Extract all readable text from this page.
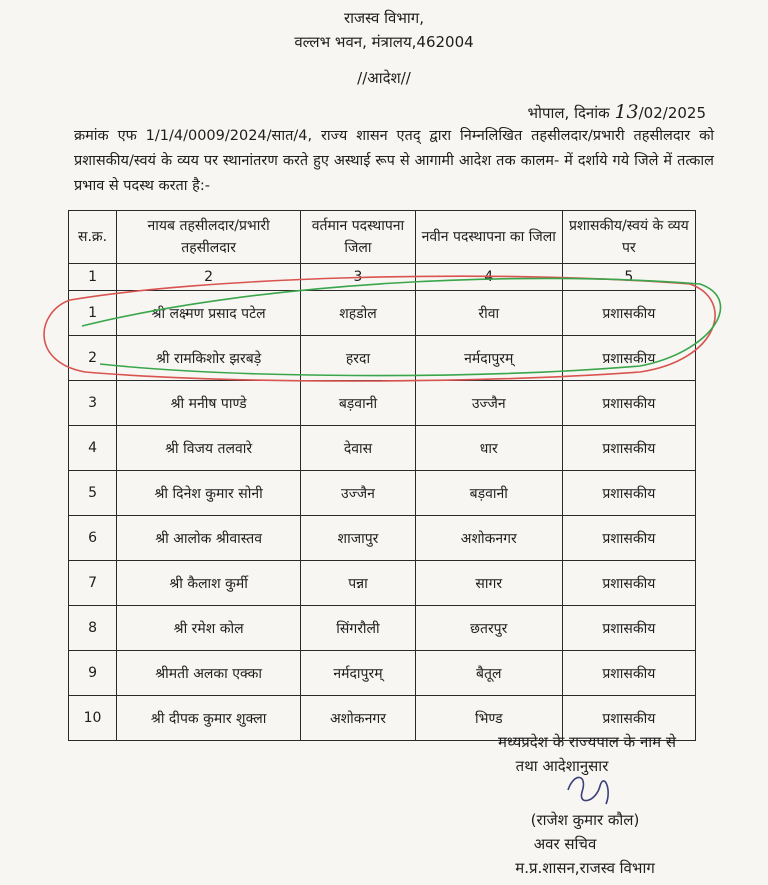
राजस्व विभाग,
वल्लभ भवन, मंत्रालय,462004
//आदेश//
भोपाल, दिनांक 13/02/2025
क्रमांक एफ 1/1/4/0009/2024/सात/4, राज्य शासन एतद् द्वारा निम्नलिखित तहसीलदार/प्रभारी तहसीलदार को प्रशासकीय/स्वयं के व्यय पर स्थानांतरण करते हुए अस्थाई रूप से आगामी आदेश तक कालम- में दर्शाये गये जिले में तत्काल प्रभाव से पदस्थ करता है:-
स.क्र.	नायब तहसीलदार/प्रभारी तहसीलदार	वर्तमान पदस्थापना जिला	नवीन पदस्थापना का जिला	प्रशासकीय/स्वयं के व्यय पर
1	2	3	4	5
1	श्री लक्ष्मण प्रसाद पटेल	शहडोल	रीवा	प्रशासकीय
2	श्री रामकिशोर झरबड़े	हरदा	नर्मदापुरम्	प्रशासकीय
3	श्री मनीष पाण्डे	बड़वानी	उज्जैन	प्रशासकीय
4	श्री विजय तलवारे	देवास	धार	प्रशासकीय
5	श्री दिनेश कुमार सोनी	उज्जैन	बड़वानी	प्रशासकीय
6	श्री आलोक श्रीवास्तव	शाजापुर	अशोकनगर	प्रशासकीय
7	श्री कैलाश कुर्मी	पन्ना	सागर	प्रशासकीय
8	श्री रमेश कोल	सिंगरौली	छतरपुर	प्रशासकीय
9	श्रीमती अलका एक्का	नर्मदापुरम्	बैतूल	प्रशासकीय
10	श्री दीपक कुमार शुक्ला	अशोकनगर	भिण्ड	प्रशासकीय
मध्यप्रदेश के राज्यपाल के नाम से
तथा आदेशानुसार
(राजेश कुमार कौल)
अवर सचिव
म.प्र.शासन,राजस्व विभाग
